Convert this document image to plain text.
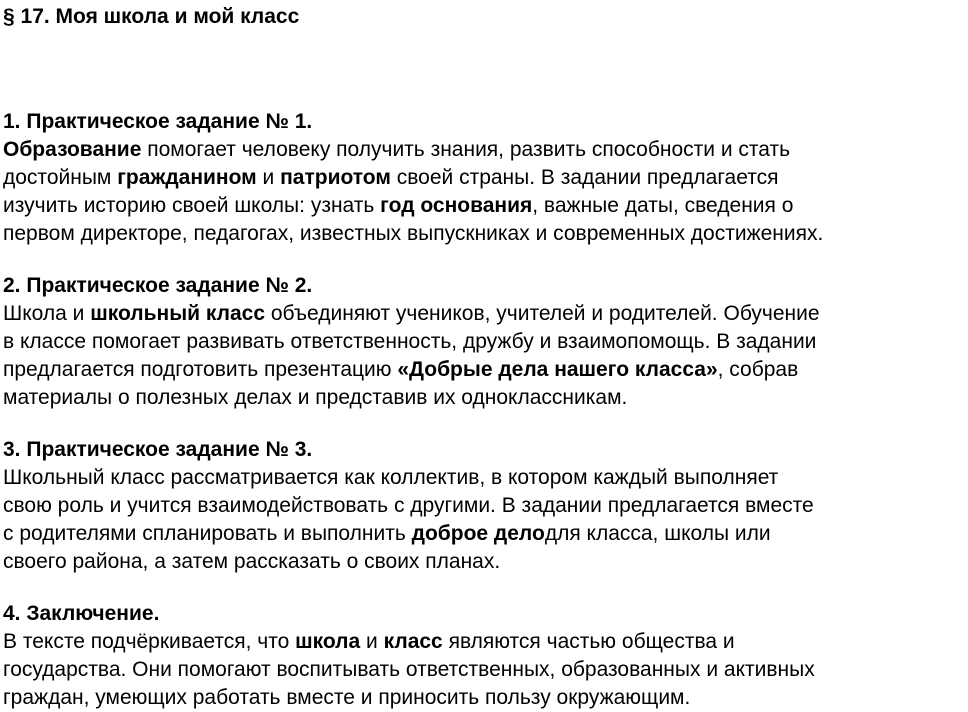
§ 17. Моя школа и мой класс
1. Практическое задание № 1.
Образование помогает человеку получить знания, развить способности и стать
достойным гражданином и патриотом своей страны. В задании предлагается
изучить историю своей школы: узнать год основания, важные даты, сведения о
первом директоре, педагогах, известных выпускниках и современных достижениях.
2. Практическое задание № 2.
Школа и школьный класс объединяют учеников, учителей и родителей. Обучение
в классе помогает развивать ответственность, дружбу и взаимопомощь. В задании
предлагается подготовить презентацию «Добрые дела нашего класса», собрав
материалы о полезных делах и представив их одноклассникам.
3. Практическое задание № 3.
Школьный класс рассматривается как коллектив, в котором каждый выполняет
свою роль и учится взаимодействовать с другими. В задании предлагается вместе
с родителями спланировать и выполнить доброе делодля класса, школы или
своего района, а затем рассказать о своих планах.
4. Заключение.
В тексте подчёркивается, что школа и класс являются частью общества и
государства. Они помогают воспитывать ответственных, образованных и активных
граждан, умеющих работать вместе и приносить пользу окружающим.
